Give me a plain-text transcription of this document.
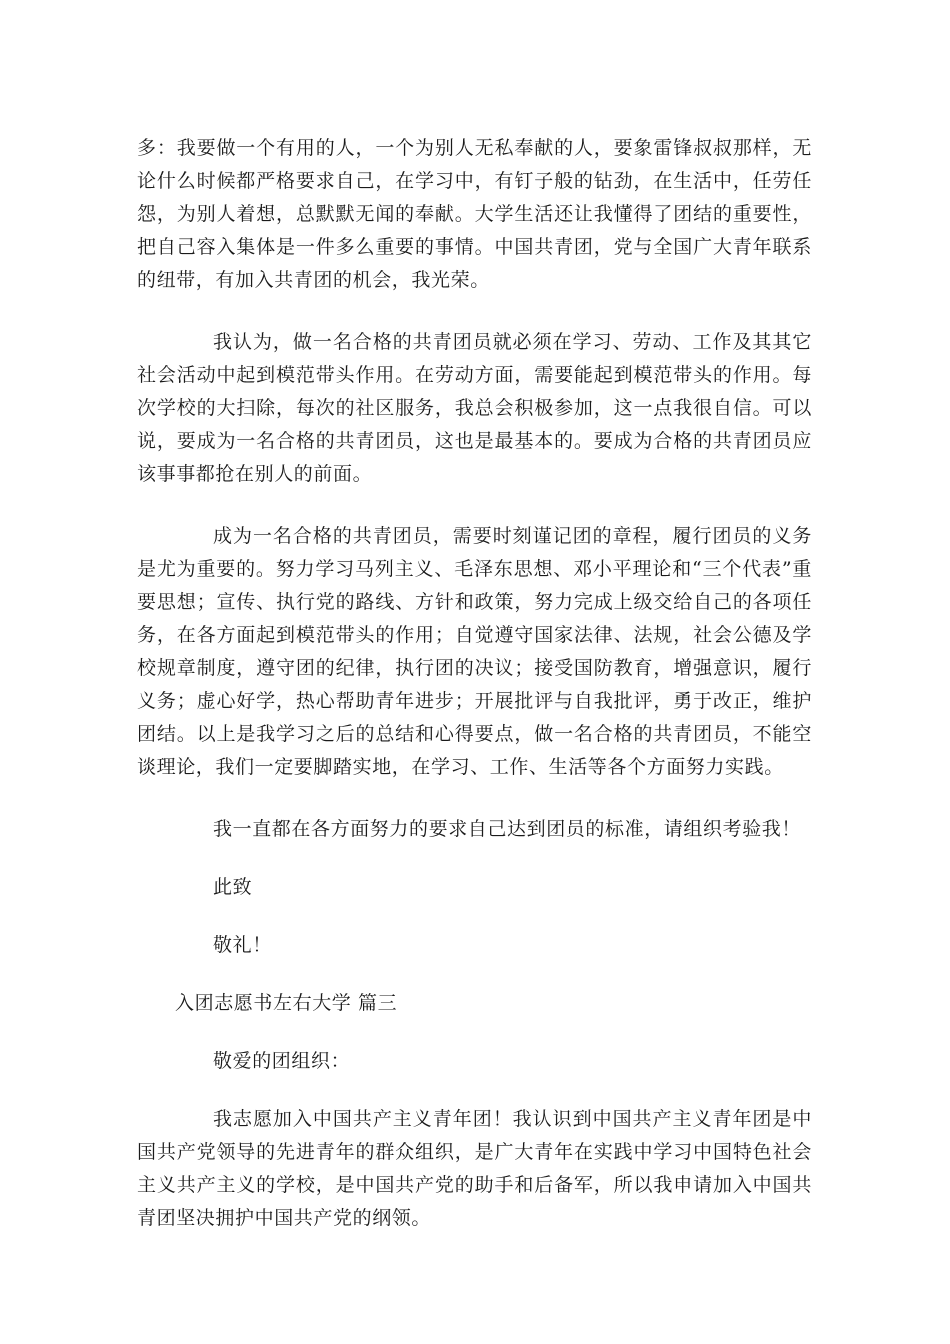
多：我要做一个有用的人，一个为别人无私奉献的人，要象雷锋叔叔那样，无论什么时候都严格要求自己，在学习中，有钉子般的钻劲，在生活中，任劳任怨，为别人着想，总默默无闻的奉献。大学生活还让我懂得了团结的重要性，把自己容入集体是一件多么重要的事情。中国共青团，党与全国广大青年联系的纽带，有加入共青团的机会，我光荣。

我认为，做一名合格的共青团员就必须在学习、劳动、工作及其其它社会活动中起到模范带头作用。在劳动方面，需要能起到模范带头的作用。每次学校的大扫除，每次的社区服务，我总会积极参加，这一点我很自信。可以说，要成为一名合格的共青团员，这也是最基本的。要成为合格的共青团员应该事事都抢在别人的前面。

成为一名合格的共青团员，需要时刻谨记团的章程，履行团员的义务是尤为重要的。努力学习马列主义、毛泽东思想、邓小平理论和“三个代表”重要思想；宣传、执行党的路线、方针和政策，努力完成上级交给自己的各项任务，在各方面起到模范带头的作用；自觉遵守国家法律、法规，社会公德及学校规章制度，遵守团的纪律，执行团的决议；接受国防教育，增强意识，履行义务；虚心好学，热心帮助青年进步；开展批评与自我批评，勇于改正，维护团结。以上是我学习之后的总结和心得要点，做一名合格的共青团员，不能空谈理论，我们一定要脚踏实地，在学习、工作、生活等各个方面努力实践。

我一直都在各方面努力的要求自己达到团员的标准，请组织考验我！

此致

敬礼！

入团志愿书左右大学 篇三

敬爱的团组织：

我志愿加入中国共产主义青年团！我认识到中国共产主义青年团是中国共产党领导的先进青年的群众组织，是广大青年在实践中学习中国特色社会主义共产主义的学校，是中国共产党的助手和后备军，所以我申请加入中国共青团坚决拥护中国共产党的纲领。
